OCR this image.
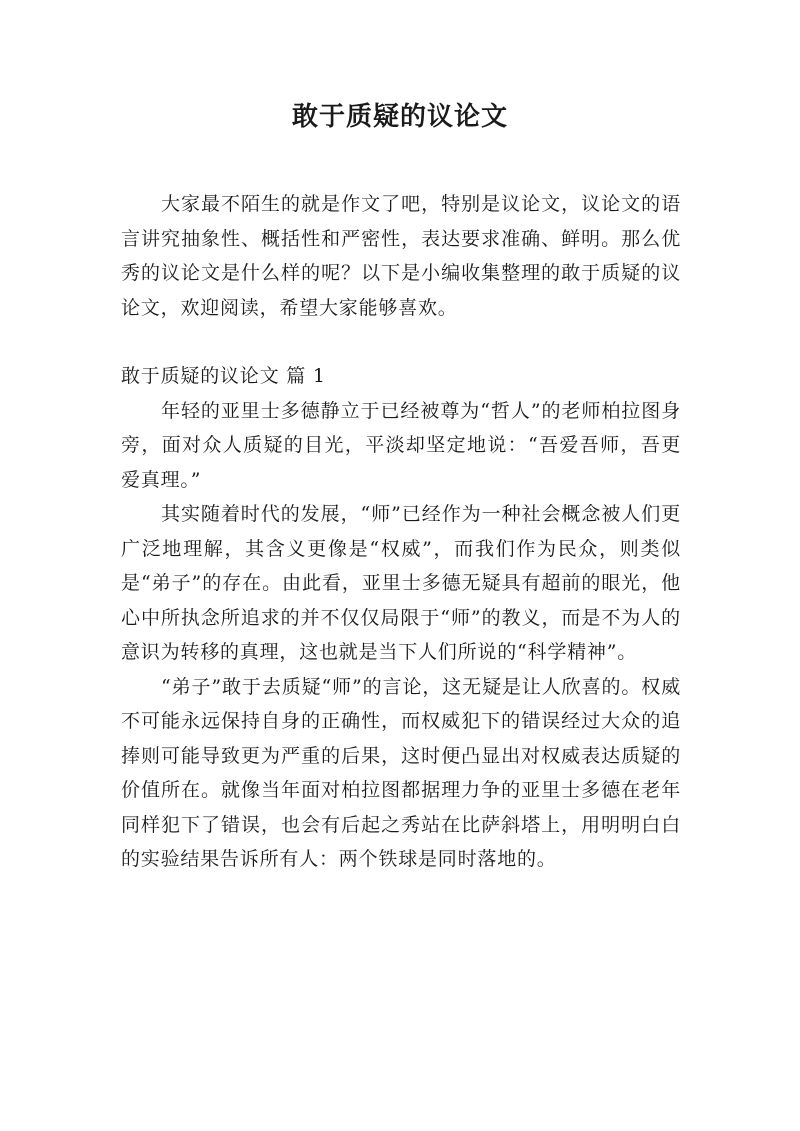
敢于质疑的议论文

大家最不陌生的就是作文了吧，特别是议论文，议论文的语言讲究抽象性、概括性和严密性，表达要求准确、鲜明。那么优秀的议论文是什么样的呢？以下是小编收集整理的敢于质疑的议论文，欢迎阅读，希望大家能够喜欢。

敢于质疑的议论文 篇 1

年轻的亚里士多德静立于已经被尊为“哲人”的老师柏拉图身旁，面对众人质疑的目光，平淡却坚定地说：“吾爱吾师，吾更爱真理。”

其实随着时代的发展，“师”已经作为一种社会概念被人们更广泛地理解，其含义更像是“权威”，而我们作为民众，则类似是“弟子”的存在。由此看，亚里士多德无疑具有超前的眼光，他心中所执念所追求的并不仅仅局限于“师”的教义，而是不为人的意识为转移的真理，这也就是当下人们所说的“科学精神”。

“弟子”敢于去质疑“师”的言论，这无疑是让人欣喜的。权威不可能永远保持自身的正确性，而权威犯下的错误经过大众的追捧则可能导致更为严重的后果，这时便凸显出对权威表达质疑的价值所在。就像当年面对柏拉图都据理力争的亚里士多德在老年同样犯下了错误，也会有后起之秀站在比萨斜塔上，用明明白白的实验结果告诉所有人：两个铁球是同时落地的。
